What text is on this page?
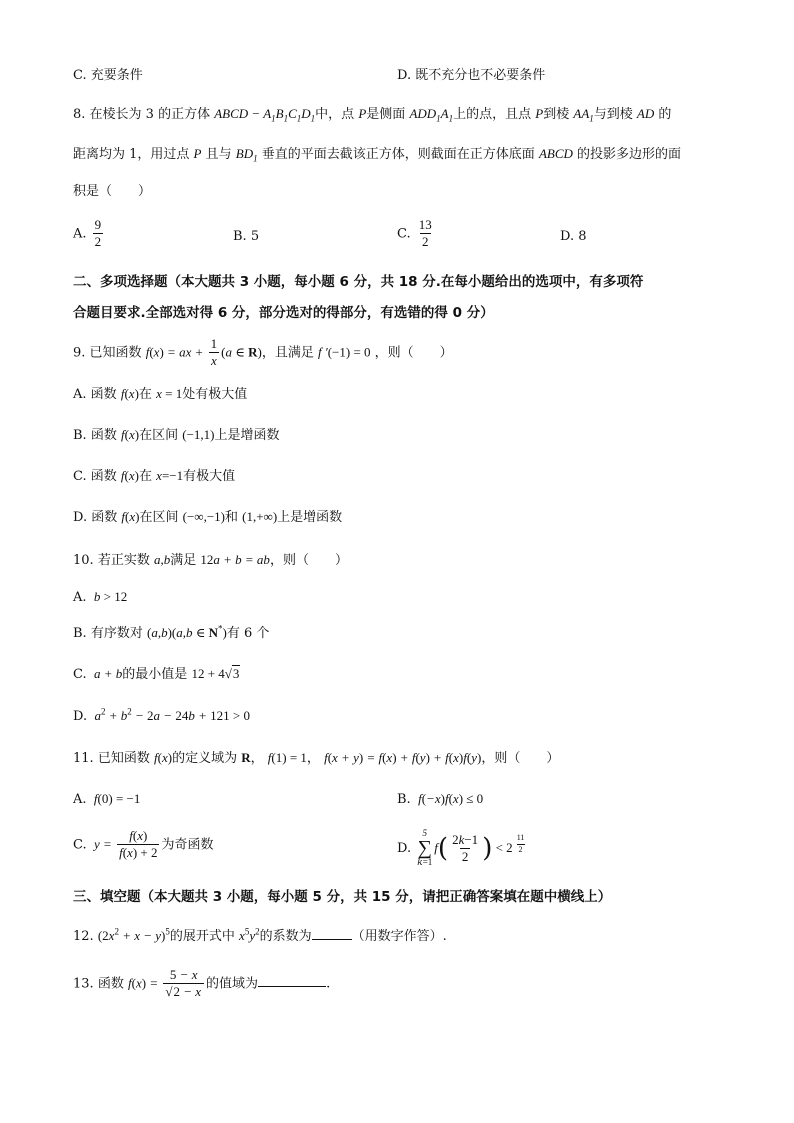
C. 充要条件	D. 既不充分也不必要条件
8. 在棱长为 3 的正方体 ABCD − $A_1B_1C_1D_1$中，点 P是侧面 $ADD_1A_1$上的点，且点 P到棱 $AA_1$与到棱 AD 的
距离均为 1，用过点 P 且与 $BD_1$ 垂直的平面去截该正方体，则截面在正方体底面 ABCD 的投影多边形的面
积是（　　）
A. $\frac{9}{2}$	B. 5	C. $\frac{13}{2}$	D. 8
二、多项选择题（本大题共 3 小题，每小题 6 分，共 18 分.在每小题给出的选项中，有多项符
合题目要求.全部选对得 6 分，部分选对的得部分，有选错的得 0 分）
9. 已知函数 f(x) = ax + $\frac{1}{x} (a$ ∈ R)，且满足 f ′(−1) = 0 ，则（　　）
A. 函数 f(x)在 x = 1处有极大值
B. 函数 f(x)在区间 (−1,1)上是增函数
C. 函数 f(x)在 x=−1有极大值
D. 函数 f(x)在区间 (−∞,−1)和 (1,+∞)上是增函数
10. 若正实数 a,b满足 12a + b = ab，则（　　）
A.  b > 12
B. 有序数对 (a,b)(a,b ∈ N*)有 6 个
C.  a + b的最小值是 12 + 4√3
D.  $a^2 + b^2 - 2a - 24b + 121 > 0$
11. 已知函数 f(x)的定义域为 R， f(1) = 1， f(x + y) = f(x) + f(y) + f(x)f(y)，则（　　）
A.  f(0) = −1	B.  f(−x)f(x) ≤ 0
C.  $y = \frac{f(x)}{f(x) + 2}$ 为奇函数	D.
5
∑
k=1
$f( \frac{2k-1}{2}$ ) < 2 $^{\frac{11}{2}}$
三、填空题（本大题共 3 小题，每小题 5 分，共 15 分，请把正确答案填在题中横线上）
12. $(2x^2 + x - y)^5$的展开式中 $x^5y^2$的系数为	（用数字作答）.
13. 函数 $f(x) = \frac{5 - x}{√2 - x}$ 的值域为	.
